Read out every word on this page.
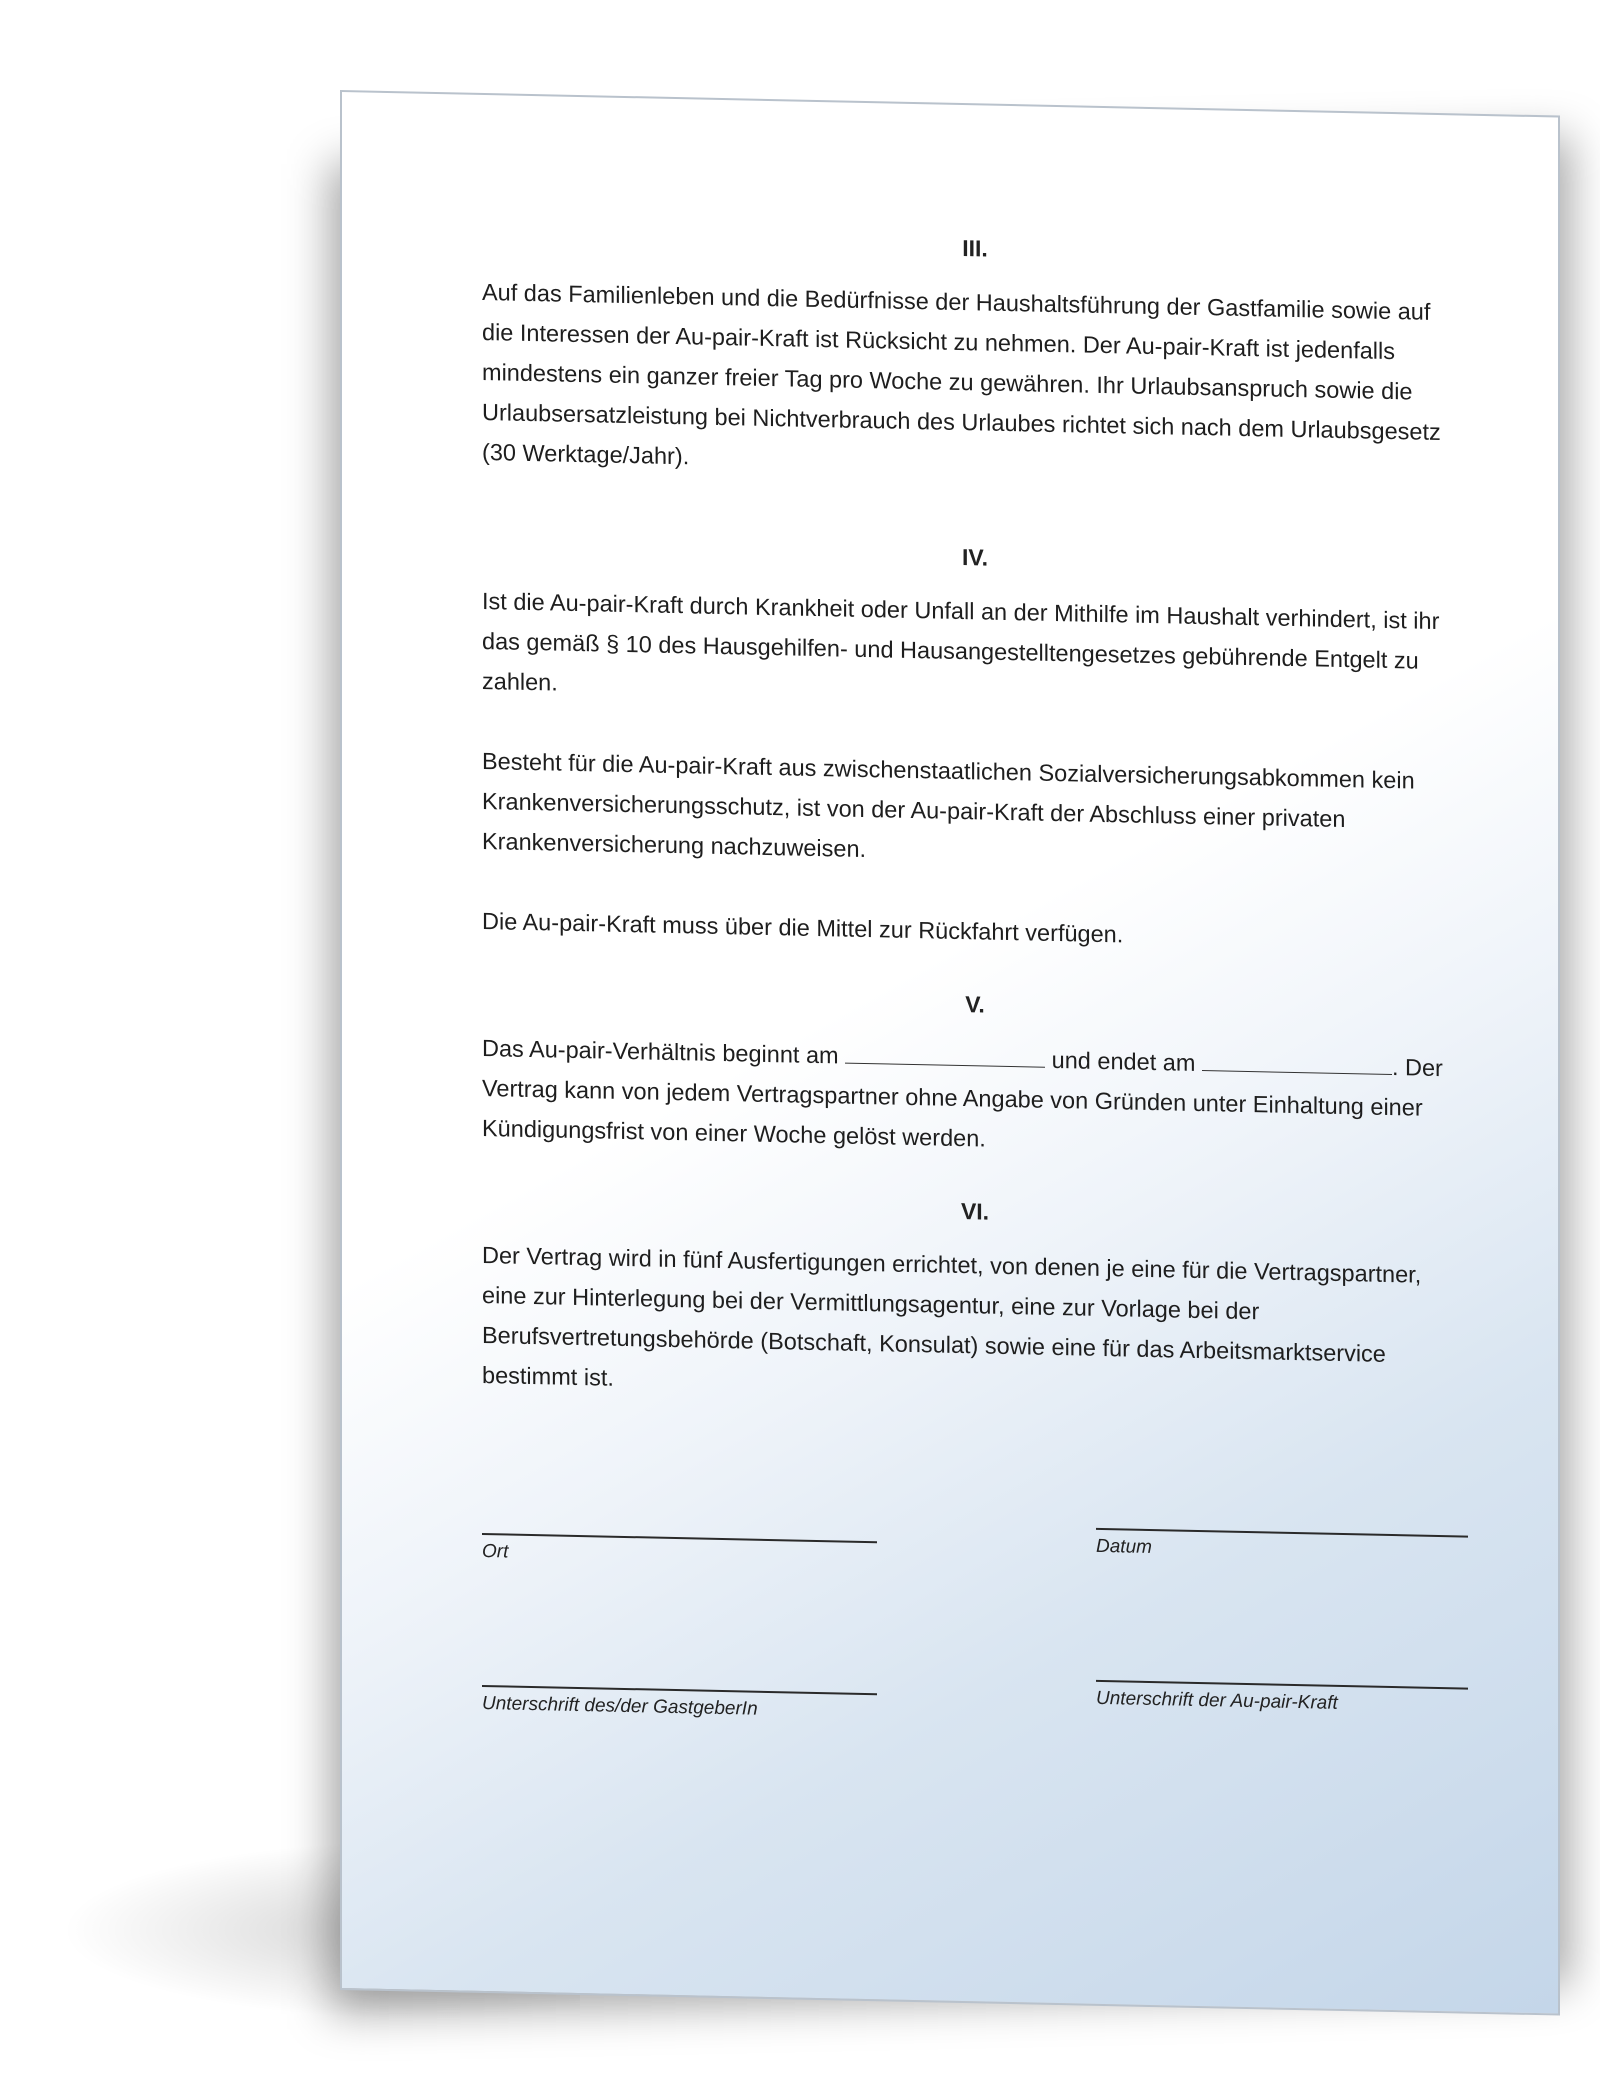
III.

Auf das Familienleben und die Bedürfnisse der Haushaltsführung der Gastfamilie sowie auf die Interessen der Au-pair-Kraft ist Rücksicht zu nehmen. Der Au-pair-Kraft ist jedenfalls mindestens ein ganzer freier Tag pro Woche zu gewähren. Ihr Urlaubsanspruch sowie die Urlaubsersatzleistung bei Nichtverbrauch des Urlaubes richtet sich nach dem Urlaubsgesetz (30 Werktage/Jahr).

IV.

Ist die Au-pair-Kraft durch Krankheit oder Unfall an der Mithilfe im Haushalt verhindert, ist ihr das gemäß § 10 des Hausgehilfen- und Hausangestelltengesetzes gebührende Entgelt zu zahlen.

Besteht für die Au-pair-Kraft aus zwischenstaatlichen Sozialversicherungsabkommen kein Krankenversicherungsschutz, ist von der Au-pair-Kraft der Abschluss einer privaten Krankenversicherung nachzuweisen.

Die Au-pair-Kraft muss über die Mittel zur Rückfahrt verfügen.

V.

Das Au-pair-Verhältnis beginnt am	und endet am	. Der Vertrag kann von jedem Vertragspartner ohne Angabe von Gründen unter Einhaltung einer Kündigungsfrist von einer Woche gelöst werden.

VI.

Der Vertrag wird in fünf Ausfertigungen errichtet, von denen je eine für die Vertragspartner, eine zur Hinterlegung bei der Vermittlungsagentur, eine zur Vorlage bei der Berufsvertretungsbehörde (Botschaft, Konsulat) sowie eine für das Arbeitsmarktservice bestimmt ist.

Ort	Datum
Unterschrift des/der GastgeberIn	Unterschrift der Au-pair-Kraft
